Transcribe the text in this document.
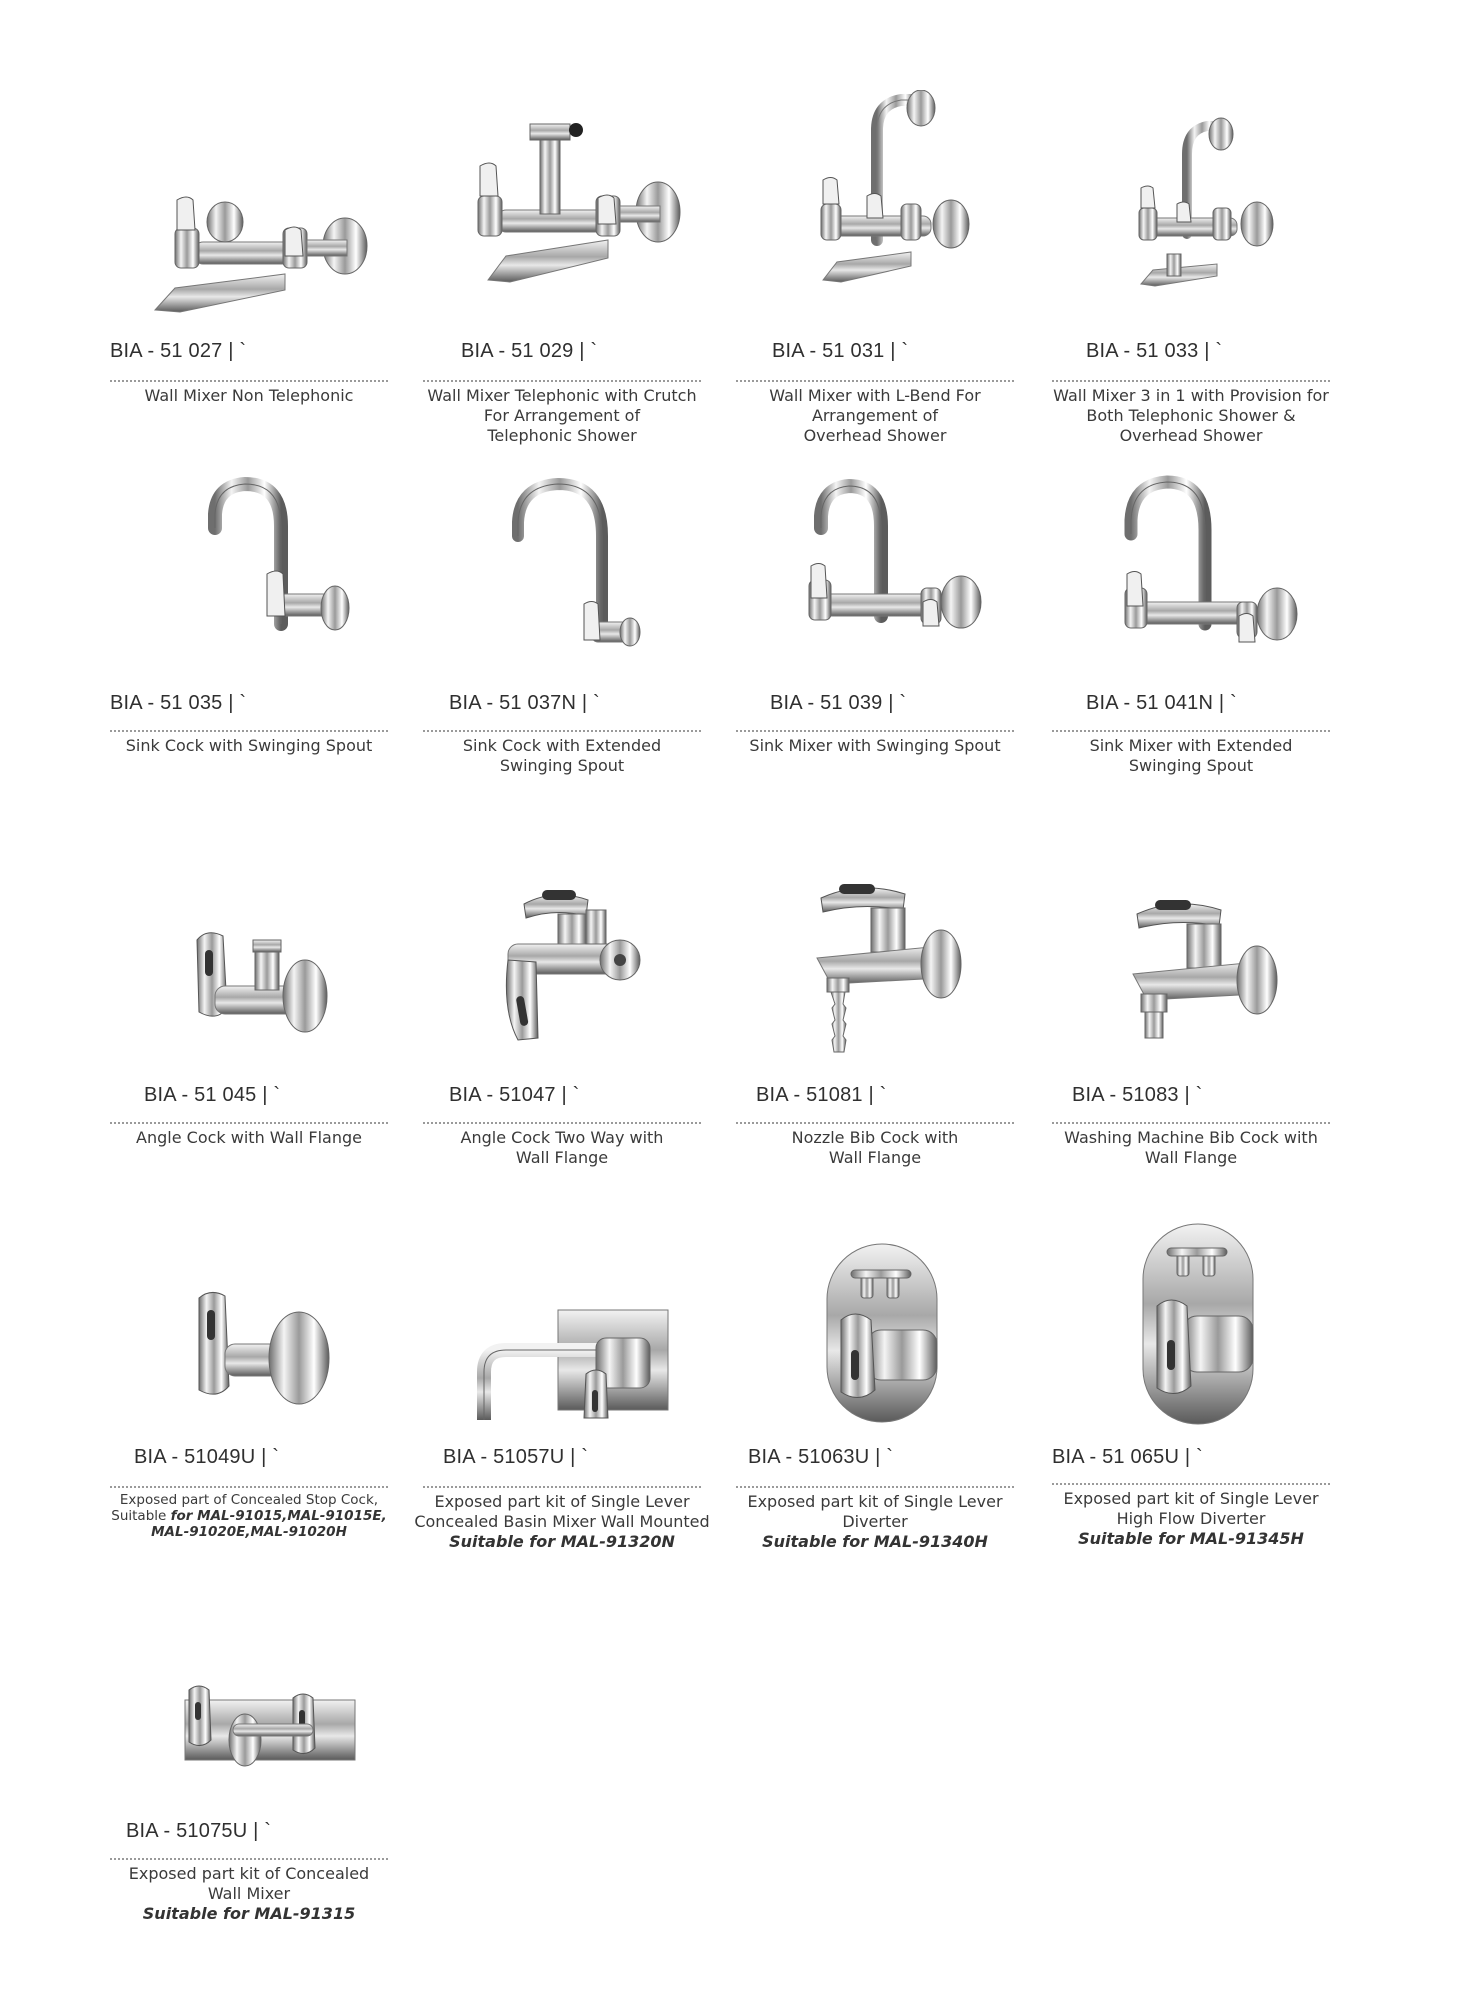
BIA - 51 027 | `
Wall Mixer Non Telephonic
BIA - 51 029 | `
Wall Mixer Telephonic with Crutch
For Arrangement of
Telephonic Shower
BIA - 51 031 | `
Wall Mixer with L-Bend For
Arrangement of
Overhead Shower
BIA - 51 033 | `
Wall Mixer 3 in 1 with Provision for
Both Telephonic Shower &
Overhead Shower
BIA - 51 035 | `
Sink Cock with Swinging Spout
BIA - 51 037N | `
Sink Cock with Extended
Swinging Spout
BIA - 51 039 | `
Sink Mixer with Swinging Spout
BIA - 51 041N | `
Sink Mixer with Extended
Swinging Spout
BIA - 51 045 | `
Angle Cock with Wall Flange
BIA - 51047 | `
Angle Cock Two Way with
Wall Flange
BIA - 51081 | `
Nozzle Bib Cock with
Wall Flange
BIA - 51083 | `
Washing Machine Bib Cock with
Wall Flange
BIA - 51049U | `
Exposed part of Concealed Stop Cock,
Suitable for MAL-91015,MAL-91015E,
MAL-91020E,MAL-91020H
BIA - 51057U | `
Exposed part kit of Single Lever
Concealed Basin Mixer Wall Mounted
Suitable for MAL-91320N
BIA - 51063U | `
Exposed part kit of Single Lever
Diverter
Suitable for MAL-91340H
BIA - 51 065U | `
Exposed part kit of Single Lever
High Flow Diverter
Suitable for MAL-91345H
BIA - 51075U | `
Exposed part kit of Concealed
Wall Mixer
Suitable for MAL-91315
